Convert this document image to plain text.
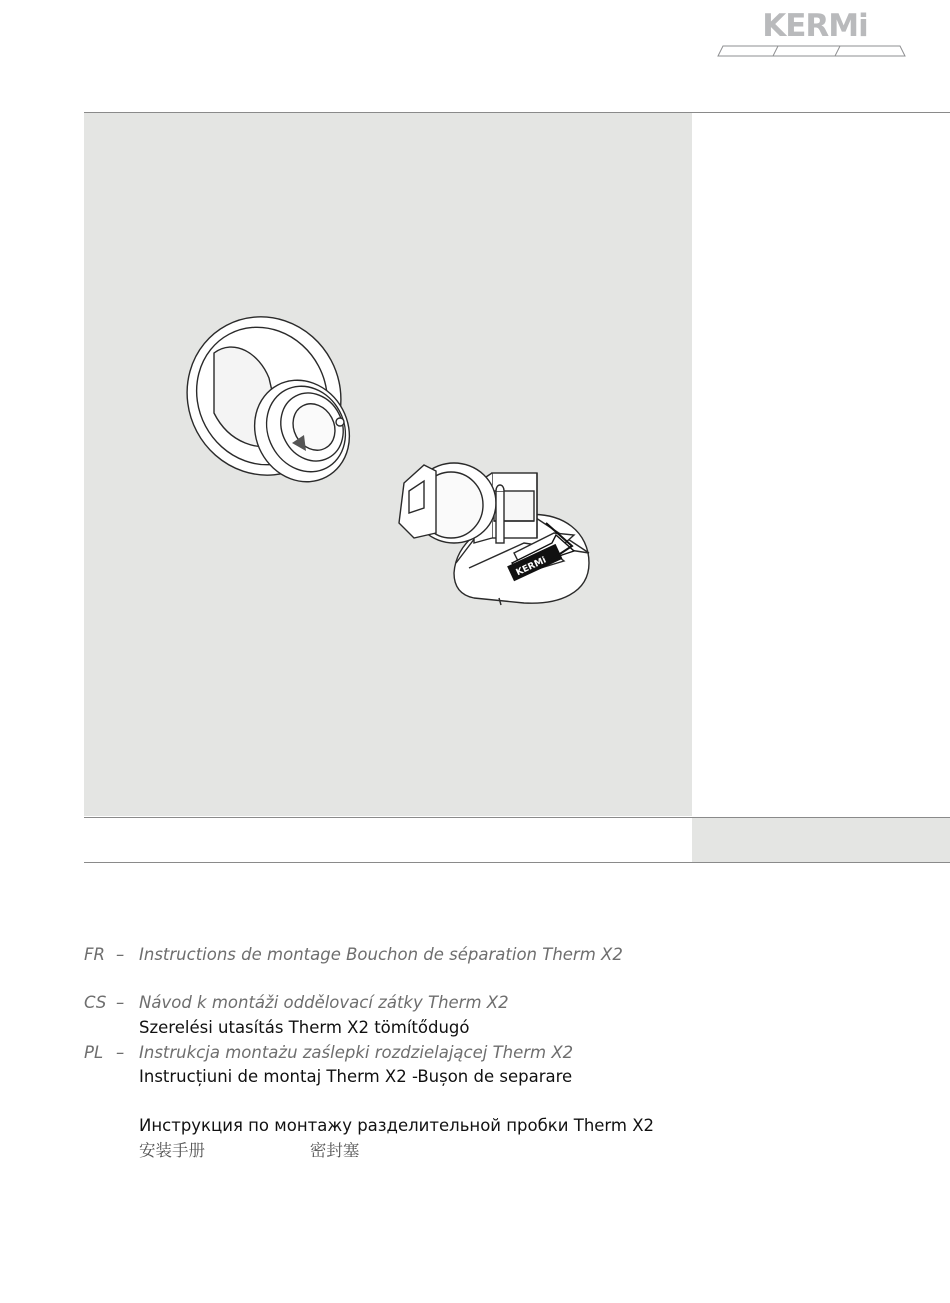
KERMi
KERMi
FR – Instructions de montage Bouchon de séparation Therm X2
CS – Návod k montáži oddělovací zátky Therm X2
Szerelési utasítás Therm X2 tömítődugó
PL – Instrukcja montażu zaślepki rozdzielającej Therm X2
Instrucțiuni de montaj Therm X2 -Bușon de separare
Инструкция по монтажу разделительной пробки Therm X2
安装手册                    密封塞
